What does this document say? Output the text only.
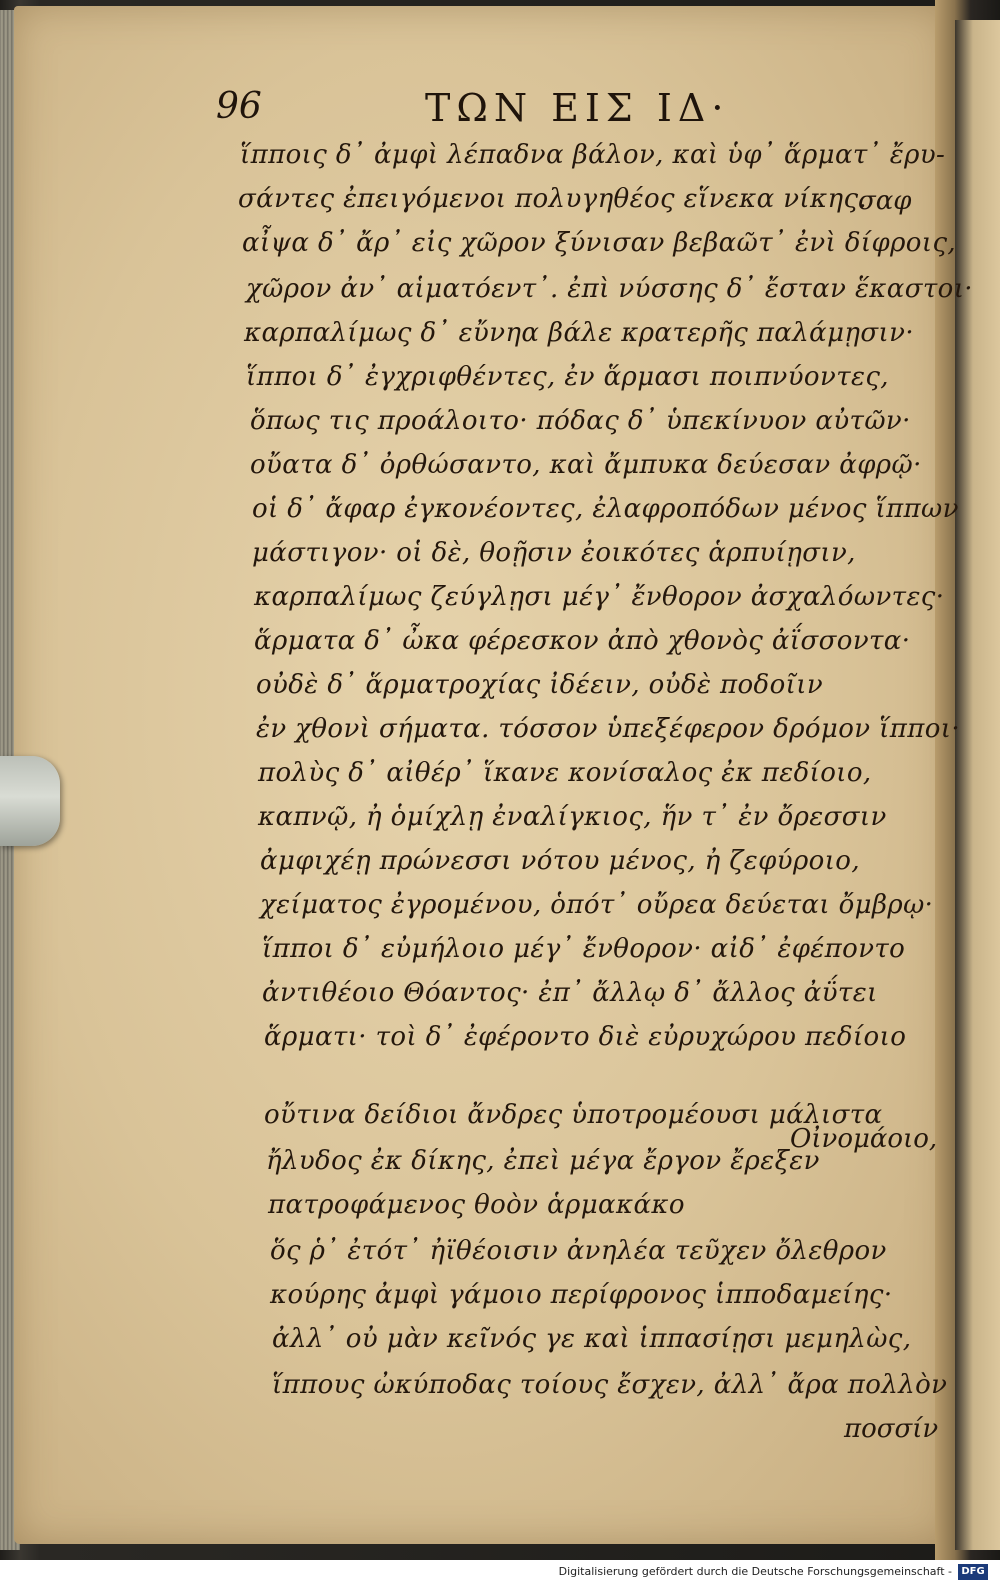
96	ΤΩΝ ΕΙΣ ΙΔ·
ἵπποις δ᾽ ἀμφὶ λέπαδνα βάλον, καὶ ὑφ᾽ ἅρματ᾽ ἔρυ-
σάντες ἐπειγόμενοι πολυγηθέος εἵνεκα νίκης.
αἶψα δ᾽ ἄρ᾽ εἰς χῶρον ξύνισαν βεβαῶτ᾽ ἐνὶ δίφροις,
χῶρον ἀν᾽ αἱματόεντ᾽. ἐπὶ νύσσης δ᾽ ἔσταν ἕκαστοι·
καρπαλίμως δ᾽ εὔνηα βάλε κρατερῆς παλάμῃσιν·
ἵπποι δ᾽ ἐγχριφθέντες, ἐν ἅρμασι ποιπνύοντες,
ὅπως τις προάλοιτο· πόδας δ᾽ ὑπεκίνυον αὐτῶν·
οὔατα δ᾽ ὀρθώσαντο, καὶ ἄμπυκα δεύεσαν ἀφρῷ·
οἱ δ᾽ ἄφαρ ἐγκονέοντες, ἐλαφροπόδων μένος ἵππων
μάστιγον· οἱ δὲ, θοῇσιν ἐοικότες ἁρπυίῃσιν,
καρπαλίμως ζεύγλῃσι μέγ᾽ ἔνθορον ἀσχαλόωντες·
ἅρματα δ᾽ ὦκα φέρεσκον ἀπὸ χθονὸς ἀΐσσοντα·
οὐδὲ δ᾽ ἅρματροχίας ἰδέειν, οὐδὲ ποδοῖιν
ἐν χθονὶ σήματα. τόσσον ὑπεξέφερον δρόμον ἵπποι·
πολὺς δ᾽ αἰθέρ᾽ ἵκανε κονίσαλος ἐκ πεδίοιο,
καπνῷ, ἠ ὁμίχλῃ ἐναλίγκιος, ἥν τ᾽ ἐν ὄρεσσιν
ἀμφιχέῃ πρώνεσσι νότου μένος, ἠ ζεφύροιο,
χείματος ἐγρομένου, ὁπότ᾽ οὔρεα δεύεται ὄμβρῳ·
ἵπποι δ᾽ εὐμήλοιο μέγ᾽ ἔνθορον· αἰδ᾽ ἐφέποντο
ἀντιθέοιο Θόαντος· ἐπ᾽ ἄλλῳ δ᾽ ἄλλος ἀΰτει
ἅρματι· τοὶ δ᾽ ἐφέροντο διὲ εὐρυχώρου πεδίοιο
οὔτινα δείδιοι ἄνδρες ὑποτρομέουσι μάλιστα
ἤλυδος ἐκ δίκης, ἐπεὶ μέγα ἔργον ἔρεξεν
πατροφάμενος θοὸν ἁρμακάκο
ὅς ῥ᾽ ἐτότ᾽ ἠϊθέοισιν ἀνηλέα τεῦχεν ὄλεθρον
κούρης ἀμφὶ γάμοιο περίφρονος ἱπποδαμείης·
ἀλλ᾽ οὐ μὰν κεῖνός γε καὶ ἱππασίῃσι μεμηλὼς,
ἵππους ὠκύποδας τοίους ἔσχεν, ἀλλ᾽ ἄρα πολλὸν
σαφ
Οἰνομάοιο,
ποσσίν
Digitalisierung gefördert durch die Deutsche Forschungsgemeinschaft - DFG
